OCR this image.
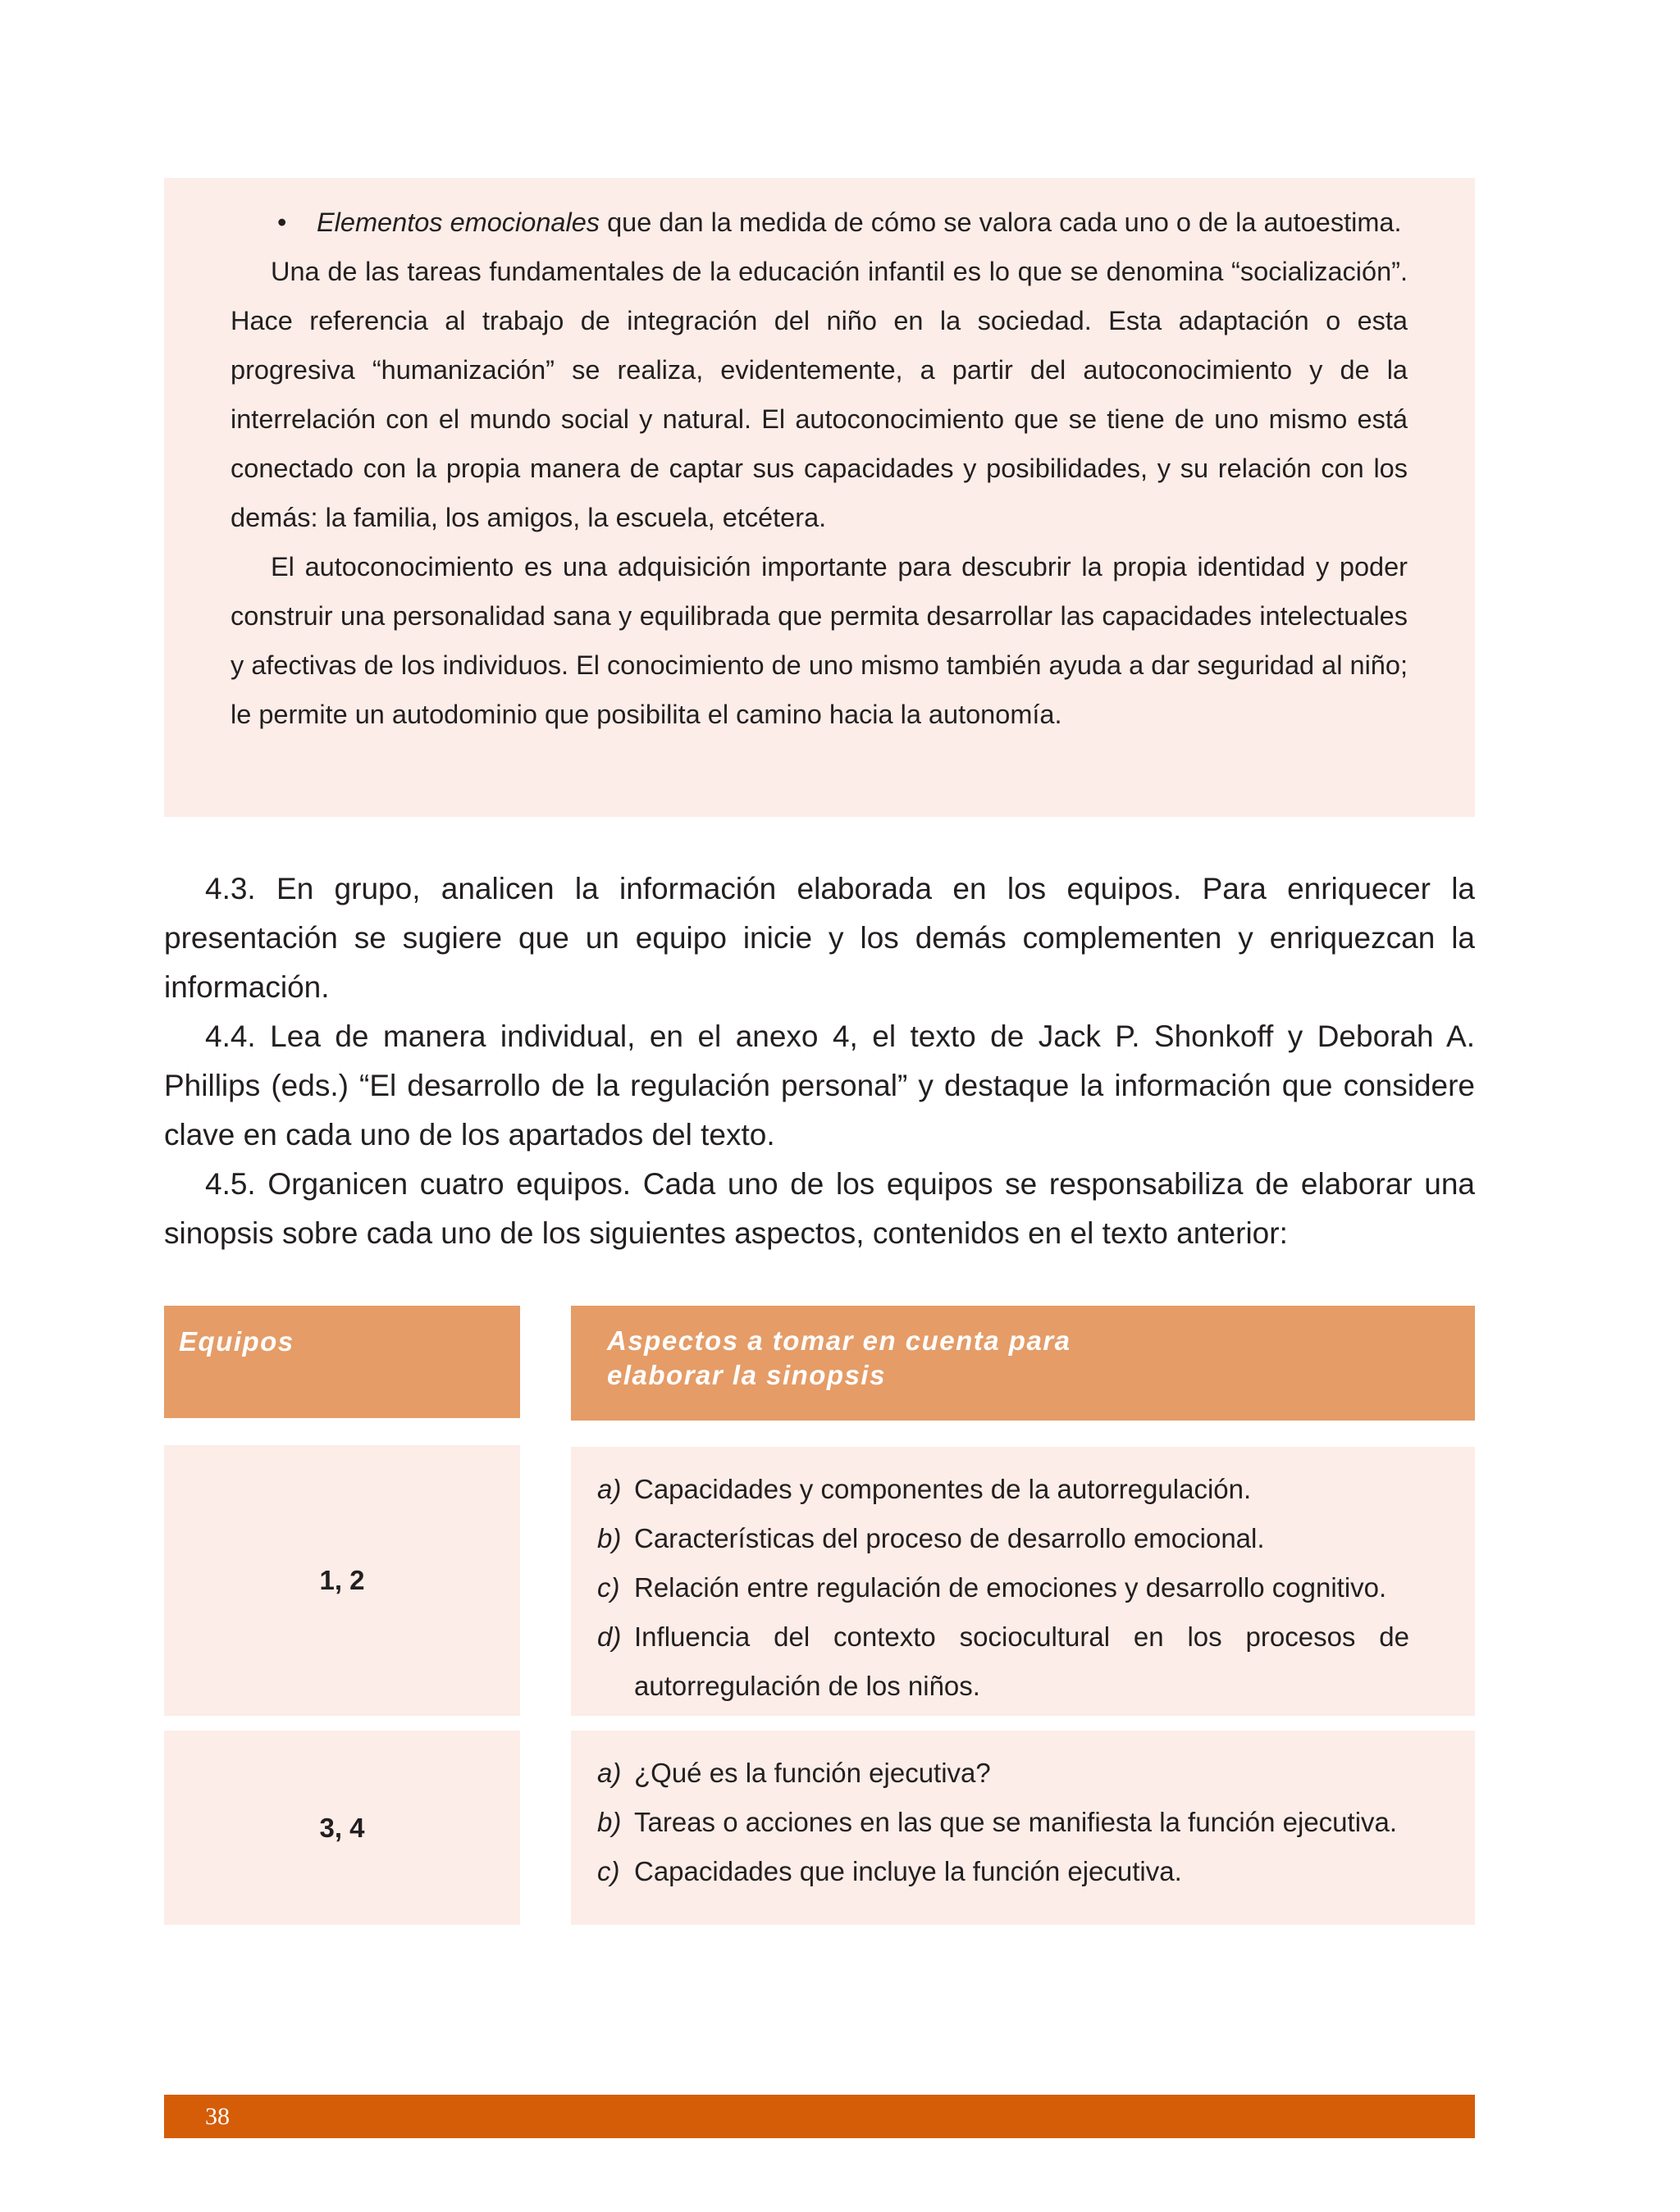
• Elementos emocionales que dan la medida de cómo se valora cada uno o de la autoestima.

Una de las tareas fundamentales de la educación infantil es lo que se denomina “socialización”. Hace referencia al trabajo de integración del niño en la sociedad. Esta adaptación o esta progresiva “humanización” se realiza, evidentemente, a partir del autoconocimiento y de la interrelación con el mundo social y natural. El autoconocimiento que se tiene de uno mismo está conectado con la propia manera de captar sus capacidades y posibilidades, y su relación con los demás: la familia, los amigos, la escuela, etcétera.

El autoconocimiento es una adquisición importante para descubrir la propia identidad y poder construir una personalidad sana y equilibrada que permita desarrollar las capacidades intelectuales y afectivas de los individuos. El conocimiento de uno mismo también ayuda a dar seguridad al niño; le permite un autodominio que posibilita el camino hacia la autonomía.

4.3. En grupo, analicen la información elaborada en los equipos. Para enriquecer la presentación se sugiere que un equipo inicie y los demás complementen y enriquezcan la información.

4.4. Lea de manera individual, en el anexo 4, el texto de Jack P. Shonkoff y Deborah A. Phillips (eds.) “El desarrollo de la regulación personal” y destaque la información que considere clave en cada uno de los apartados del texto.

4.5. Organicen cuatro equipos. Cada uno de los equipos se responsabiliza de elaborar una sinopsis sobre cada uno de los siguientes aspectos, contenidos en el texto anterior:

Equipos	Aspectos a tomar en cuenta para
elaborar la sinopsis
1, 2
a) Capacidades y componentes de la autorregulación.
b) Características del proceso de desarrollo emocional.
c) Relación entre regulación de emociones y desarrollo cognitivo.
d) Influencia del contexto sociocultural en los procesos de autorregulación de los niños.
3, 4
a) ¿Qué es la función ejecutiva?
b) Tareas o acciones en las que se manifiesta la función ejecutiva.
c) Capacidades que incluye la función ejecutiva.
38
